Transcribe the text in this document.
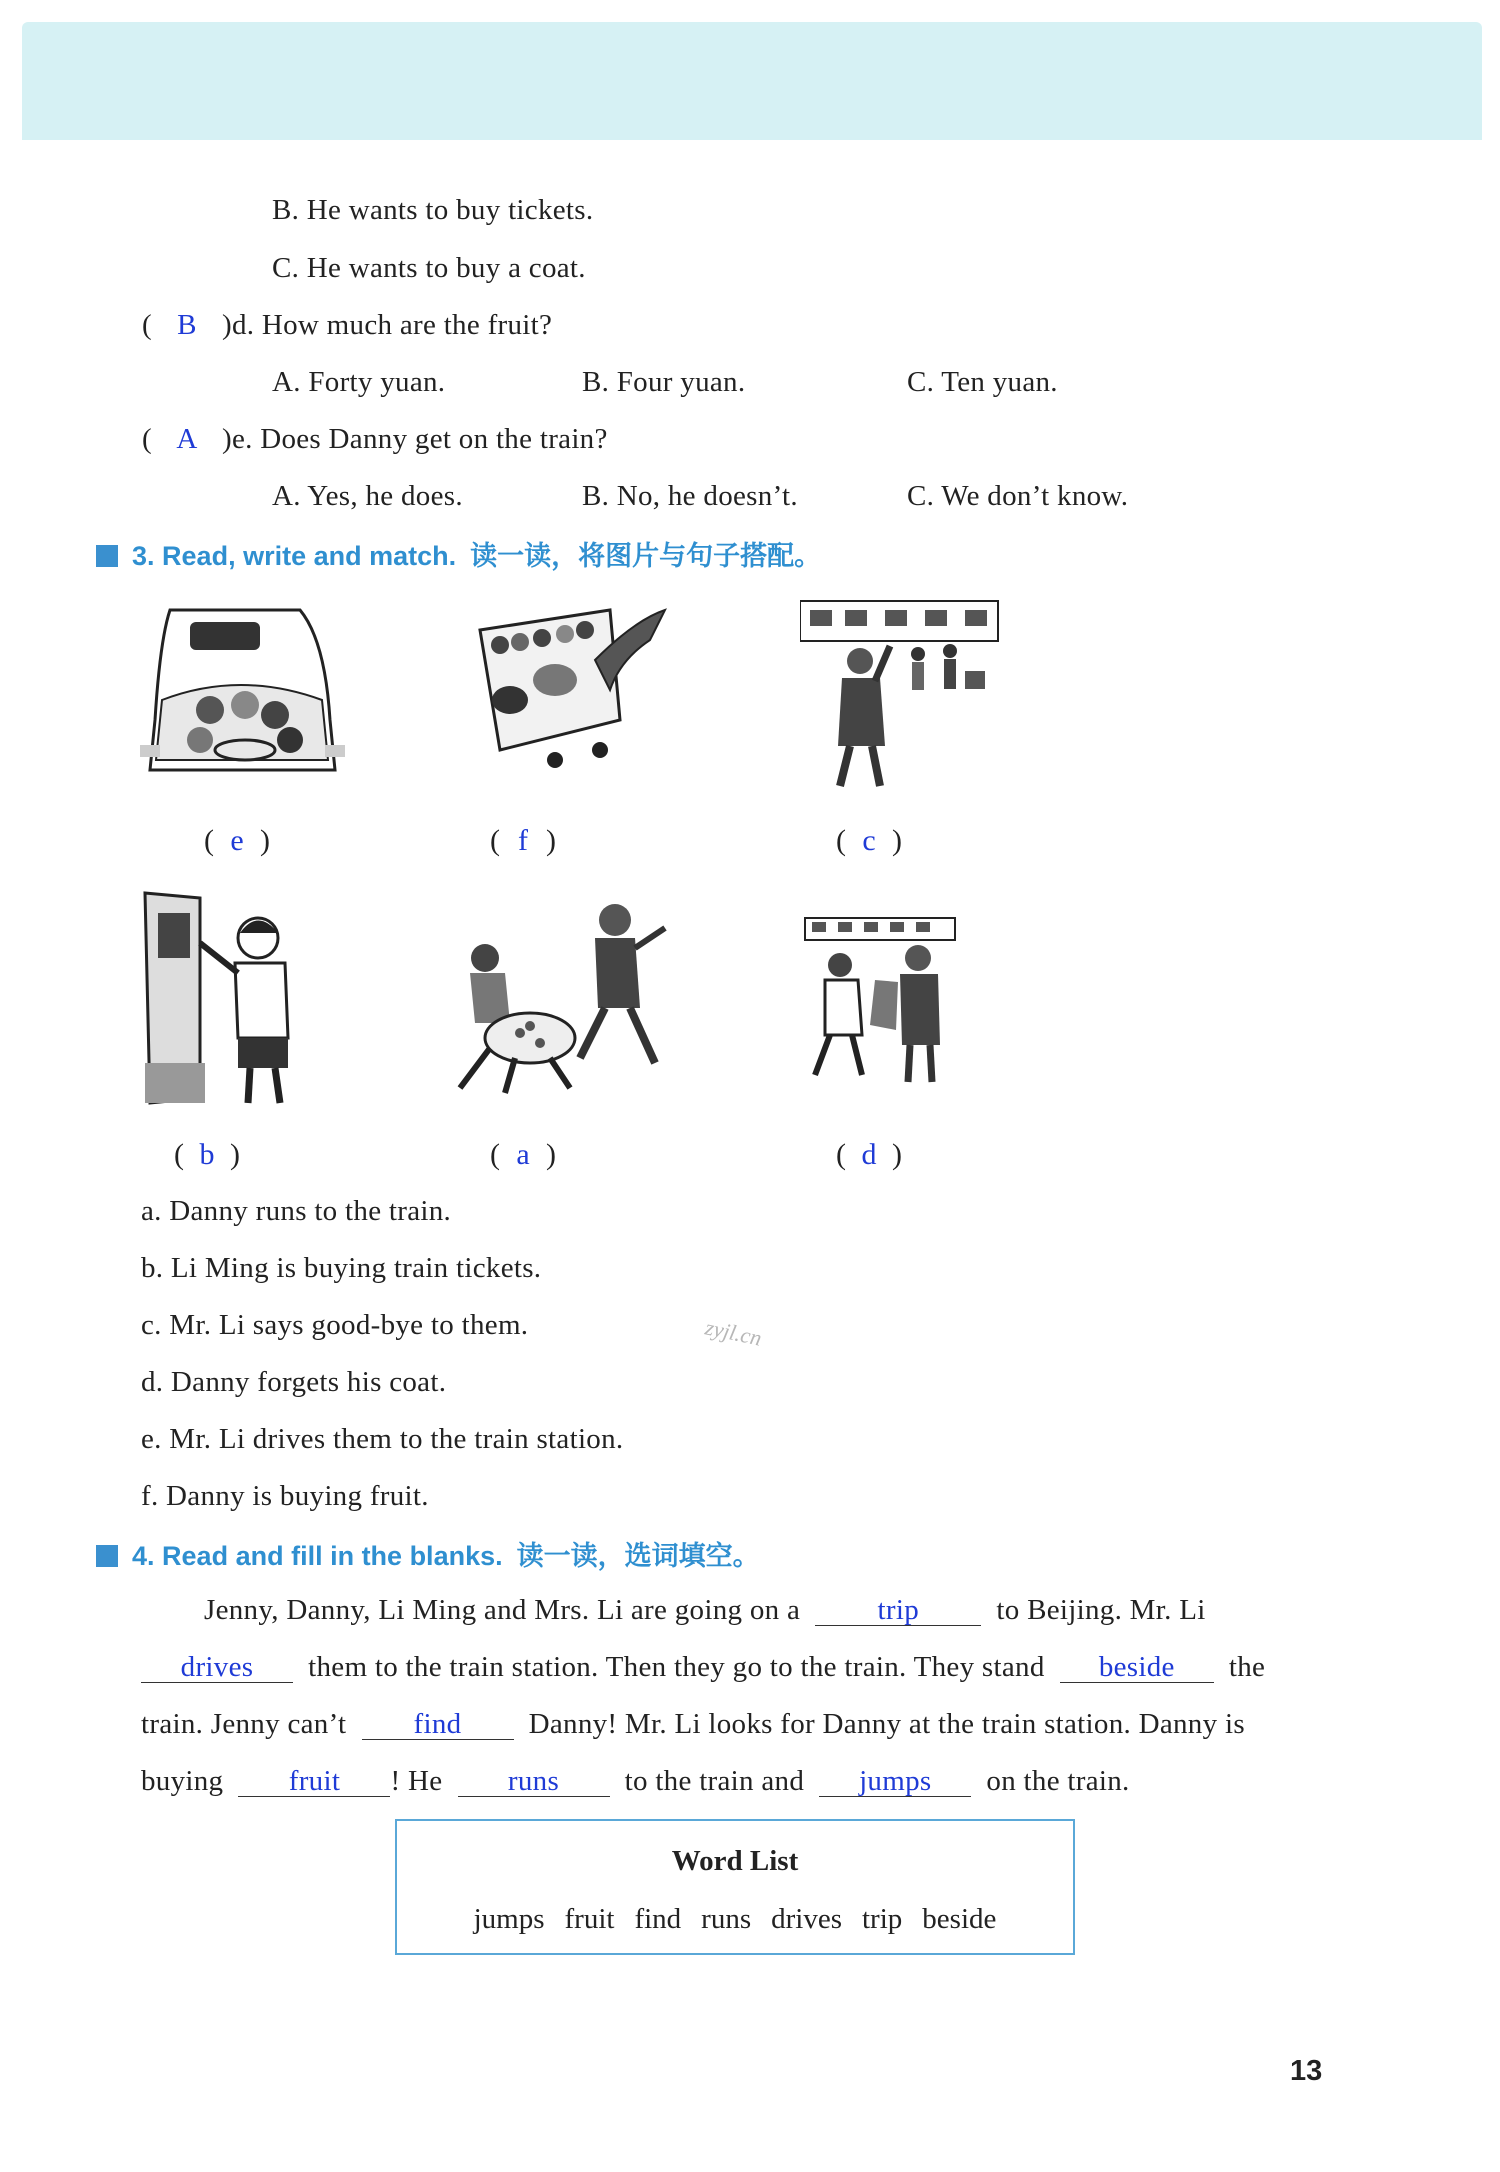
B. He wants to buy tickets.
C. He wants to buy a coat.
( B )d. How much are the fruit?
A. Forty yuan.	B. Four yuan.	C. Ten yuan.
( A )e. Does Danny get on the train?
A. Yes, he does.	B. No, he doesn’t.	C. We don’t know.
3. Read, write and match. 读一读，将图片与句子搭配。
( e )	( f )	( c )
( b )	( a )	( d )
a. Danny runs to the train.
b. Li Ming is buying train tickets.
c. Mr. Li says good-bye to them.
d. Danny forgets his coat.
e. Mr. Li drives them to the train station.
f. Danny is buying fruit.
zyjl.cn
4. Read and fill in the blanks. 读一读，选词填空。
Jenny, Danny, Li Ming and Mrs. Li are going on a	trip	to Beijing. Mr. Li
drives them to the train station. Then they go to the train. They stand beside the
train. Jenny can’t find Danny! Mr. Li looks for Danny at the train station. Danny is
buying fruit ! He runs to the train and jumps on the train.
Word List
jumps fruit find runs drives trip beside
13
